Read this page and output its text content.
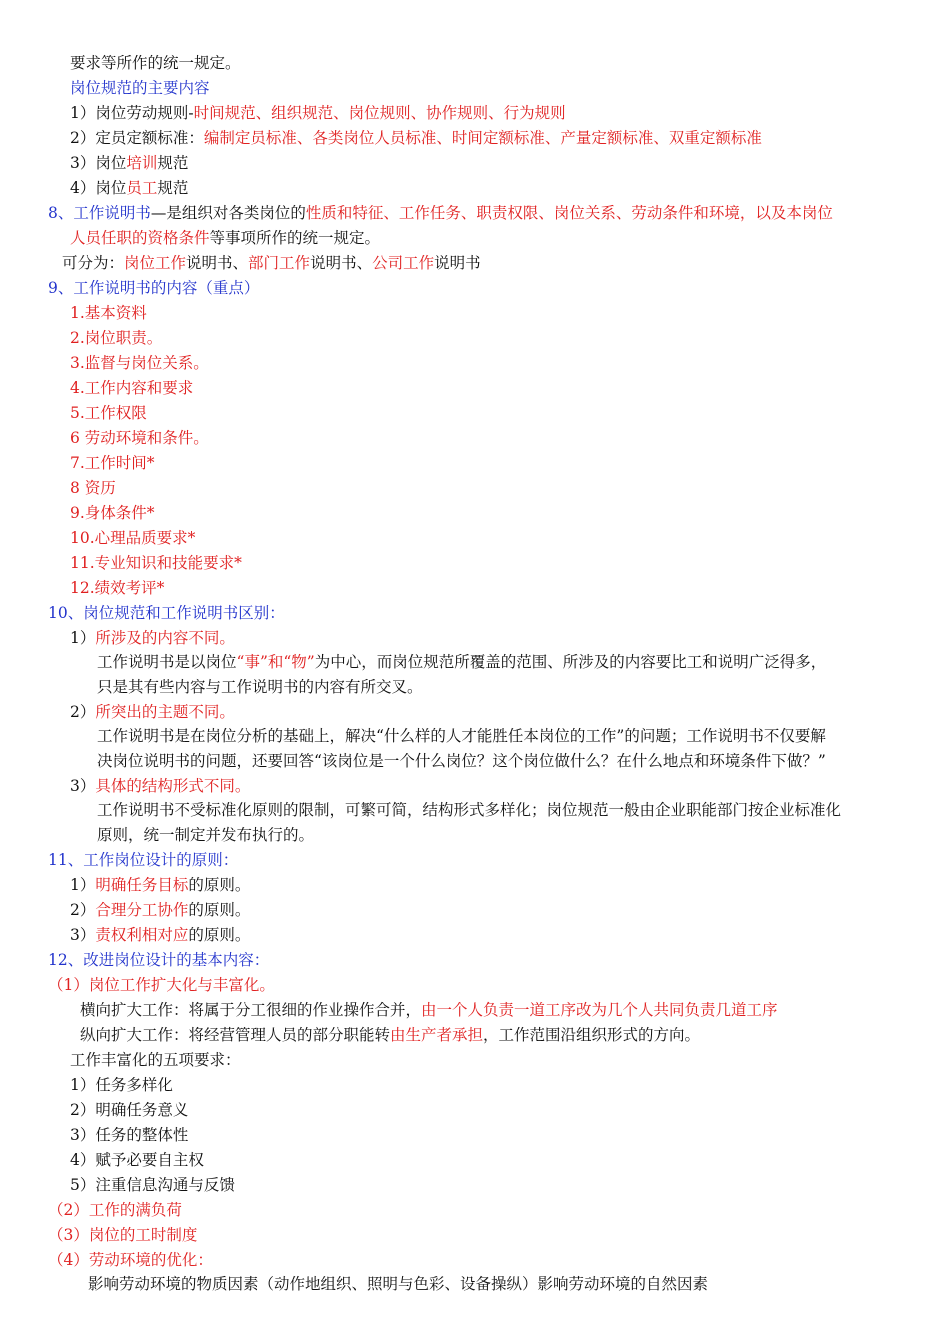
要求等所作的统一规定。
岗位规范的主要内容
1）岗位劳动规则-时间规范、组织规范、岗位规则、协作规则、行为规则
2）定员定额标准：编制定员标准、各类岗位人员标准、时间定额标准、产量定额标准、双重定额标准
3）岗位培训规范
4）岗位员工规范
8、工作说明书—是组织对各类岗位的性质和特征、工作任务、职责权限、岗位关系、劳动条件和环境，以及本岗位
人员任职的资格条件等事项所作的统一规定。
可分为：岗位工作说明书、部门工作说明书、公司工作说明书
9、工作说明书的内容（重点）
1.基本资料
2.岗位职责。
3.监督与岗位关系。
4.工作内容和要求
5.工作权限
6 劳动环境和条件。
7.工作时间*
8 资历
9.身体条件*
10.心理品质要求*
11.专业知识和技能要求*
12.绩效考评*
10、岗位规范和工作说明书区别：
1）所涉及的内容不同。
工作说明书是以岗位“事”和“物”为中心，而岗位规范所覆盖的范围、所涉及的内容要比工和说明广泛得多，
只是其有些内容与工作说明书的内容有所交叉。
2）所突出的主题不同。
工作说明书是在岗位分析的基础上，解决“什么样的人才能胜任本岗位的工作”的问题；工作说明书不仅要解
决岗位说明书的问题，还要回答“该岗位是一个什么岗位？这个岗位做什么？在什么地点和环境条件下做？”
3）具体的结构形式不同。
工作说明书不受标准化原则的限制，可繁可简，结构形式多样化；岗位规范一般由企业职能部门按企业标准化
原则，统一制定并发布执行的。
11、工作岗位设计的原则：
1）明确任务目标的原则。
2）合理分工协作的原则。
3）责权利相对应的原则。
12、改进岗位设计的基本内容：
（1）岗位工作扩大化与丰富化。
横向扩大工作：将属于分工很细的作业操作合并，由一个人负责一道工序改为几个人共同负责几道工序
纵向扩大工作：将经营管理人员的部分职能转由生产者承担，工作范围沿组织形式的方向。
工作丰富化的五项要求：
1）任务多样化
2）明确任务意义
3）任务的整体性
4）赋予必要自主权
5）注重信息沟通与反馈
（2）工作的满负荷
（3）岗位的工时制度
（4）劳动环境的优化：
影响劳动环境的物质因素（动作地组织、照明与色彩、设备操纵）影响劳动环境的自然因素
